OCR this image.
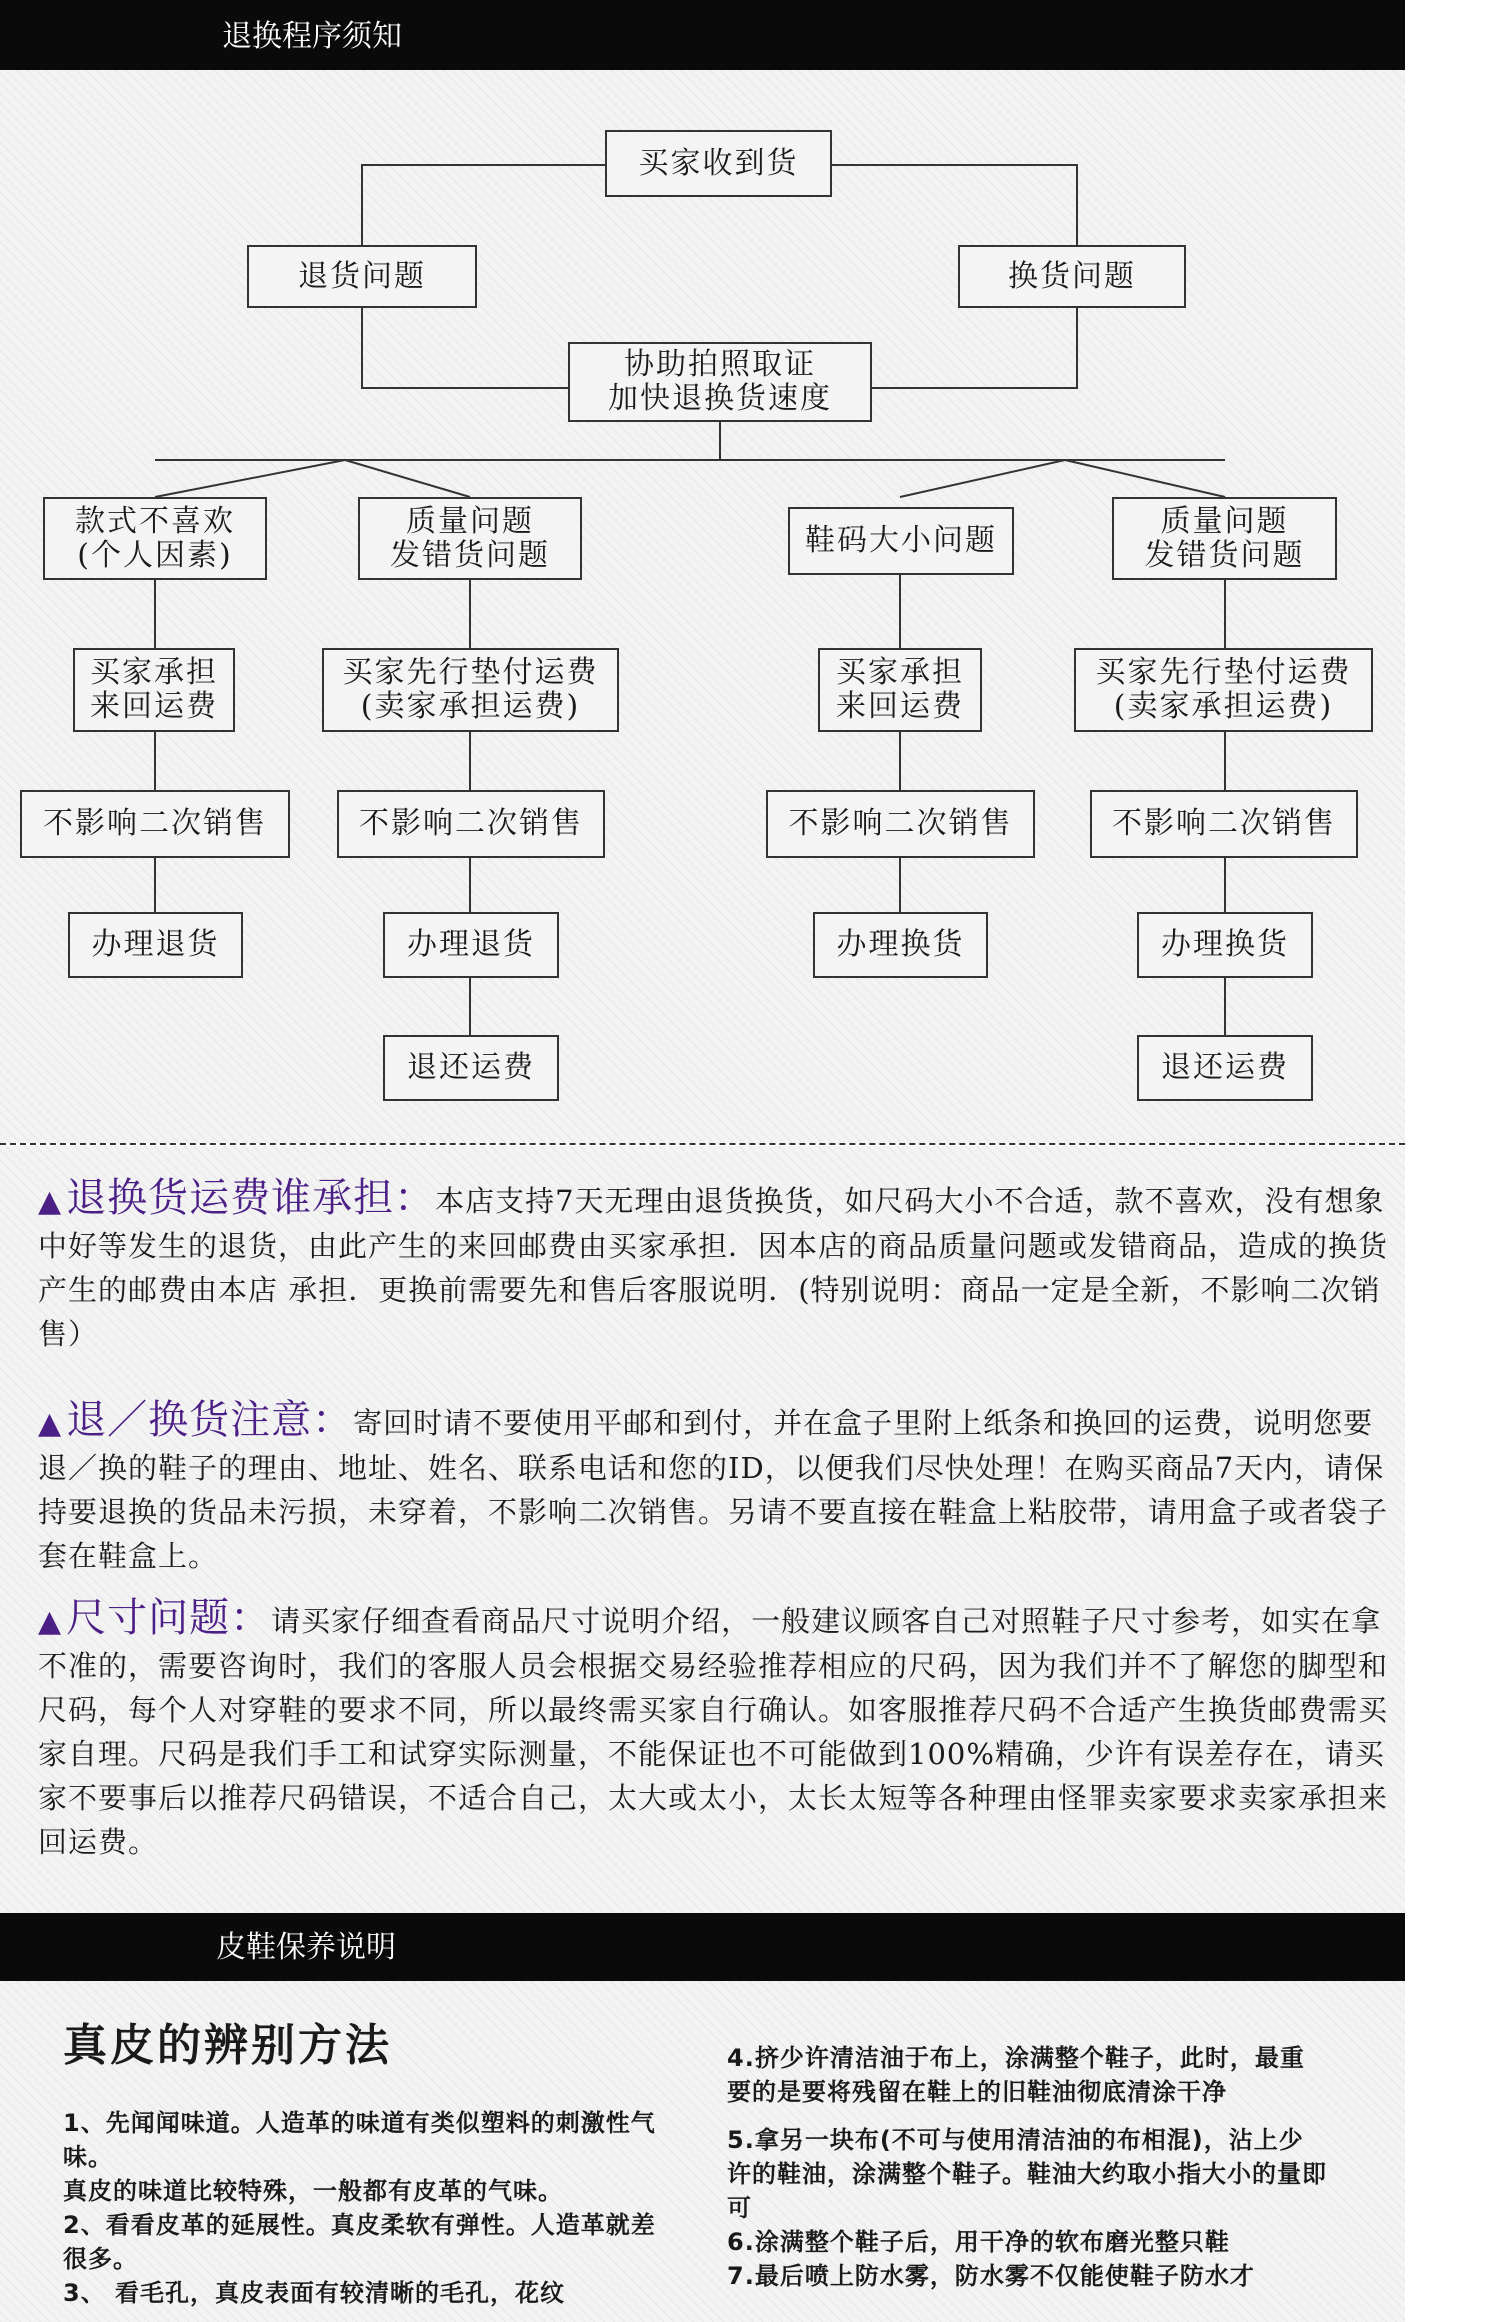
退换程序须知
买家收到货
退货问题	换货问题
协助拍照取证
加快退换货速度
款式不喜欢
(个人因素)
买家承担
来回运费
不影响二次销售
办理退货
质量问题
发错货问题
买家先行垫付运费
(卖家承担运费)
不影响二次销售
办理退货
退还运费
鞋码大小问题
买家承担
来回运费
不影响二次销售
办理换货
质量问题
发错货问题
买家先行垫付运费
(卖家承担运费)
不影响二次销售
办理换货
退还运费
▲ 退换货运费谁承担：本店支持7天无理由退货换货，如尺码大小不合适，款不喜欢，没有想象中好等发生的退货，由此产生的来回邮费由买家承担．因本店的商品质量问题或发错商品，造成的换货产生的邮费由本店 承担．更换前需要先和售后客服说明．(特别说明：商品一定是全新，不影响二次销售）
▲ 退／换货注意：寄回时请不要使用平邮和到付，并在盒子里附上纸条和换回的运费，说明您要退／换的鞋子的理由、地址、姓名、联系电话和您的ID，以便我们尽快处理！在购买商品7天内，请保持要退换的货品未污损，未穿着，不影响二次销售。另请不要直接在鞋盒上粘胶带，请用盒子或者袋子套在鞋盒上。
▲ 尺寸问题：请买家仔细查看商品尺寸说明介绍，一般建议顾客自己对照鞋子尺寸参考，如实在拿不准的，需要咨询时，我们的客服人员会根据交易经验推荐相应的尺码，因为我们并不了解您的脚型和尺码，每个人对穿鞋的要求不同，所以最终需买家自行确认。如客服推荐尺码不合适产生换货邮费需买家自理。尺码是我们手工和试穿实际测量，不能保证也不可能做到100%精确，少许有误差存在，请买家不要事后以推荐尺码错误，不适合自己，太大或太小，太长太短等各种理由怪罪卖家要求卖家承担来回运费。
皮鞋保养说明
真皮的辨别方法

1、先闻闻味道。人造革的味道有类似塑料的刺激性气味。

真皮的味道比较特殊，一般都有皮革的气味。

2、看看皮革的延展性。真皮柔软有弹性。人造革就差很多。

3、 看毛孔，真皮表面有较清晰的毛孔，花纹

4.挤少许清洁油于布上，涂满整个鞋子，此时，最重要的是要将残留在鞋上的旧鞋油彻底清涂干净

5.拿另一块布(不可与使用清洁油的布相混)，沾上少许的鞋油，涂满整个鞋子。鞋油大约取小指大小的量即可

6.涂满整个鞋子后，用干净的软布磨光整只鞋

7.最后喷上防水雾，防水雾不仅能使鞋子防水才
